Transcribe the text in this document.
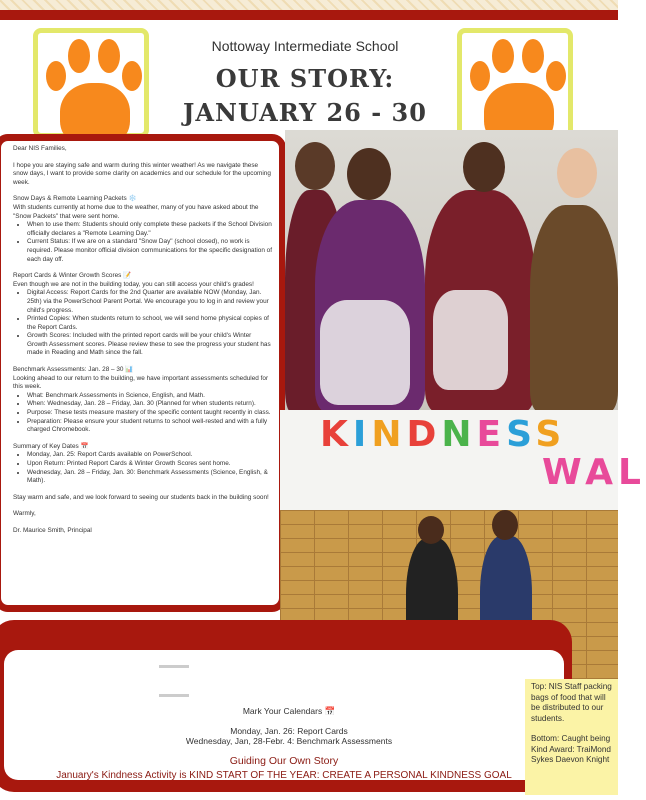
Nottoway Intermediate School
OUR STORY:
JANUARY 26 - 30

Dear NIS Families,

I hope you are staying safe and warm during this winter weather! As we navigate these snow days, I want to provide some clarity on academics and our schedule for the upcoming week.

Snow Days & Remote Learning Packets ❄️
With students currently at home due to the weather, many of you have asked about the "Snow Packets" that were sent home.
• When to use them: Students should only complete these packets if the School Division officially declares a "Remote Learning Day."
• Current Status: If we are on a standard "Snow Day" (school closed), no work is required. Please monitor official division communications for the specific designation of each day off.
Report Cards & Winter Growth Scores 📝
Even though we are not in the building today, you can still access your child's grades!
• Digital Access: Report Cards for the 2nd Quarter are available NOW (Monday, Jan. 25th) via the PowerSchool Parent Portal. We encourage you to log in and review your child's progress.
• Printed Copies: When students return to school, we will send home physical copies of the Report Cards.
• Growth Scores: Included with the printed report cards will be your child's Winter Growth Assessment scores. Please review these to see the progress your student has made in Reading and Math since the fall.
Benchmark Assessments: Jan. 28 – 30 📊
Looking ahead to our return to the building, we have important assessments scheduled for this week.
• What: Benchmark Assessments in Science, English, and Math.
• When: Wednesday, Jan. 28 – Friday, Jan. 30 (Planned for when students return).
• Purpose: These tests measure mastery of the specific content taught recently in class.
• Preparation: Please ensure your student returns to school well-rested and with a fully charged Chromebook.
Summary of Key Dates 📅
• Monday, Jan. 25: Report Cards available on PowerSchool.
• Upon Return: Printed Report Cards & Winter Growth Scores sent home.
• Wednesday, Jan. 28 – Friday, Jan. 30: Benchmark Assessments (Science, English, & Math).

Stay warm and safe, and we look forward to seeing our students back in the building soon!

Warmly,

Dr. Maurice Smith, Principal

KINDNESS
WAL
Mark Your Calendars 📅
Monday, Jan. 26: Report Cards
Wednesday, Jan, 28-Febr. 4: Benchmark Assessments
Guiding Our Own Story
January's Kindness Activity is KIND START OF THE YEAR: CREATE A PERSONAL KINDNESS GOAL

Top: NIS Staff packing bags of food that will be distributed to our students.

Bottom: Caught being Kind Award: TraiMond Sykes Daevon Knight
